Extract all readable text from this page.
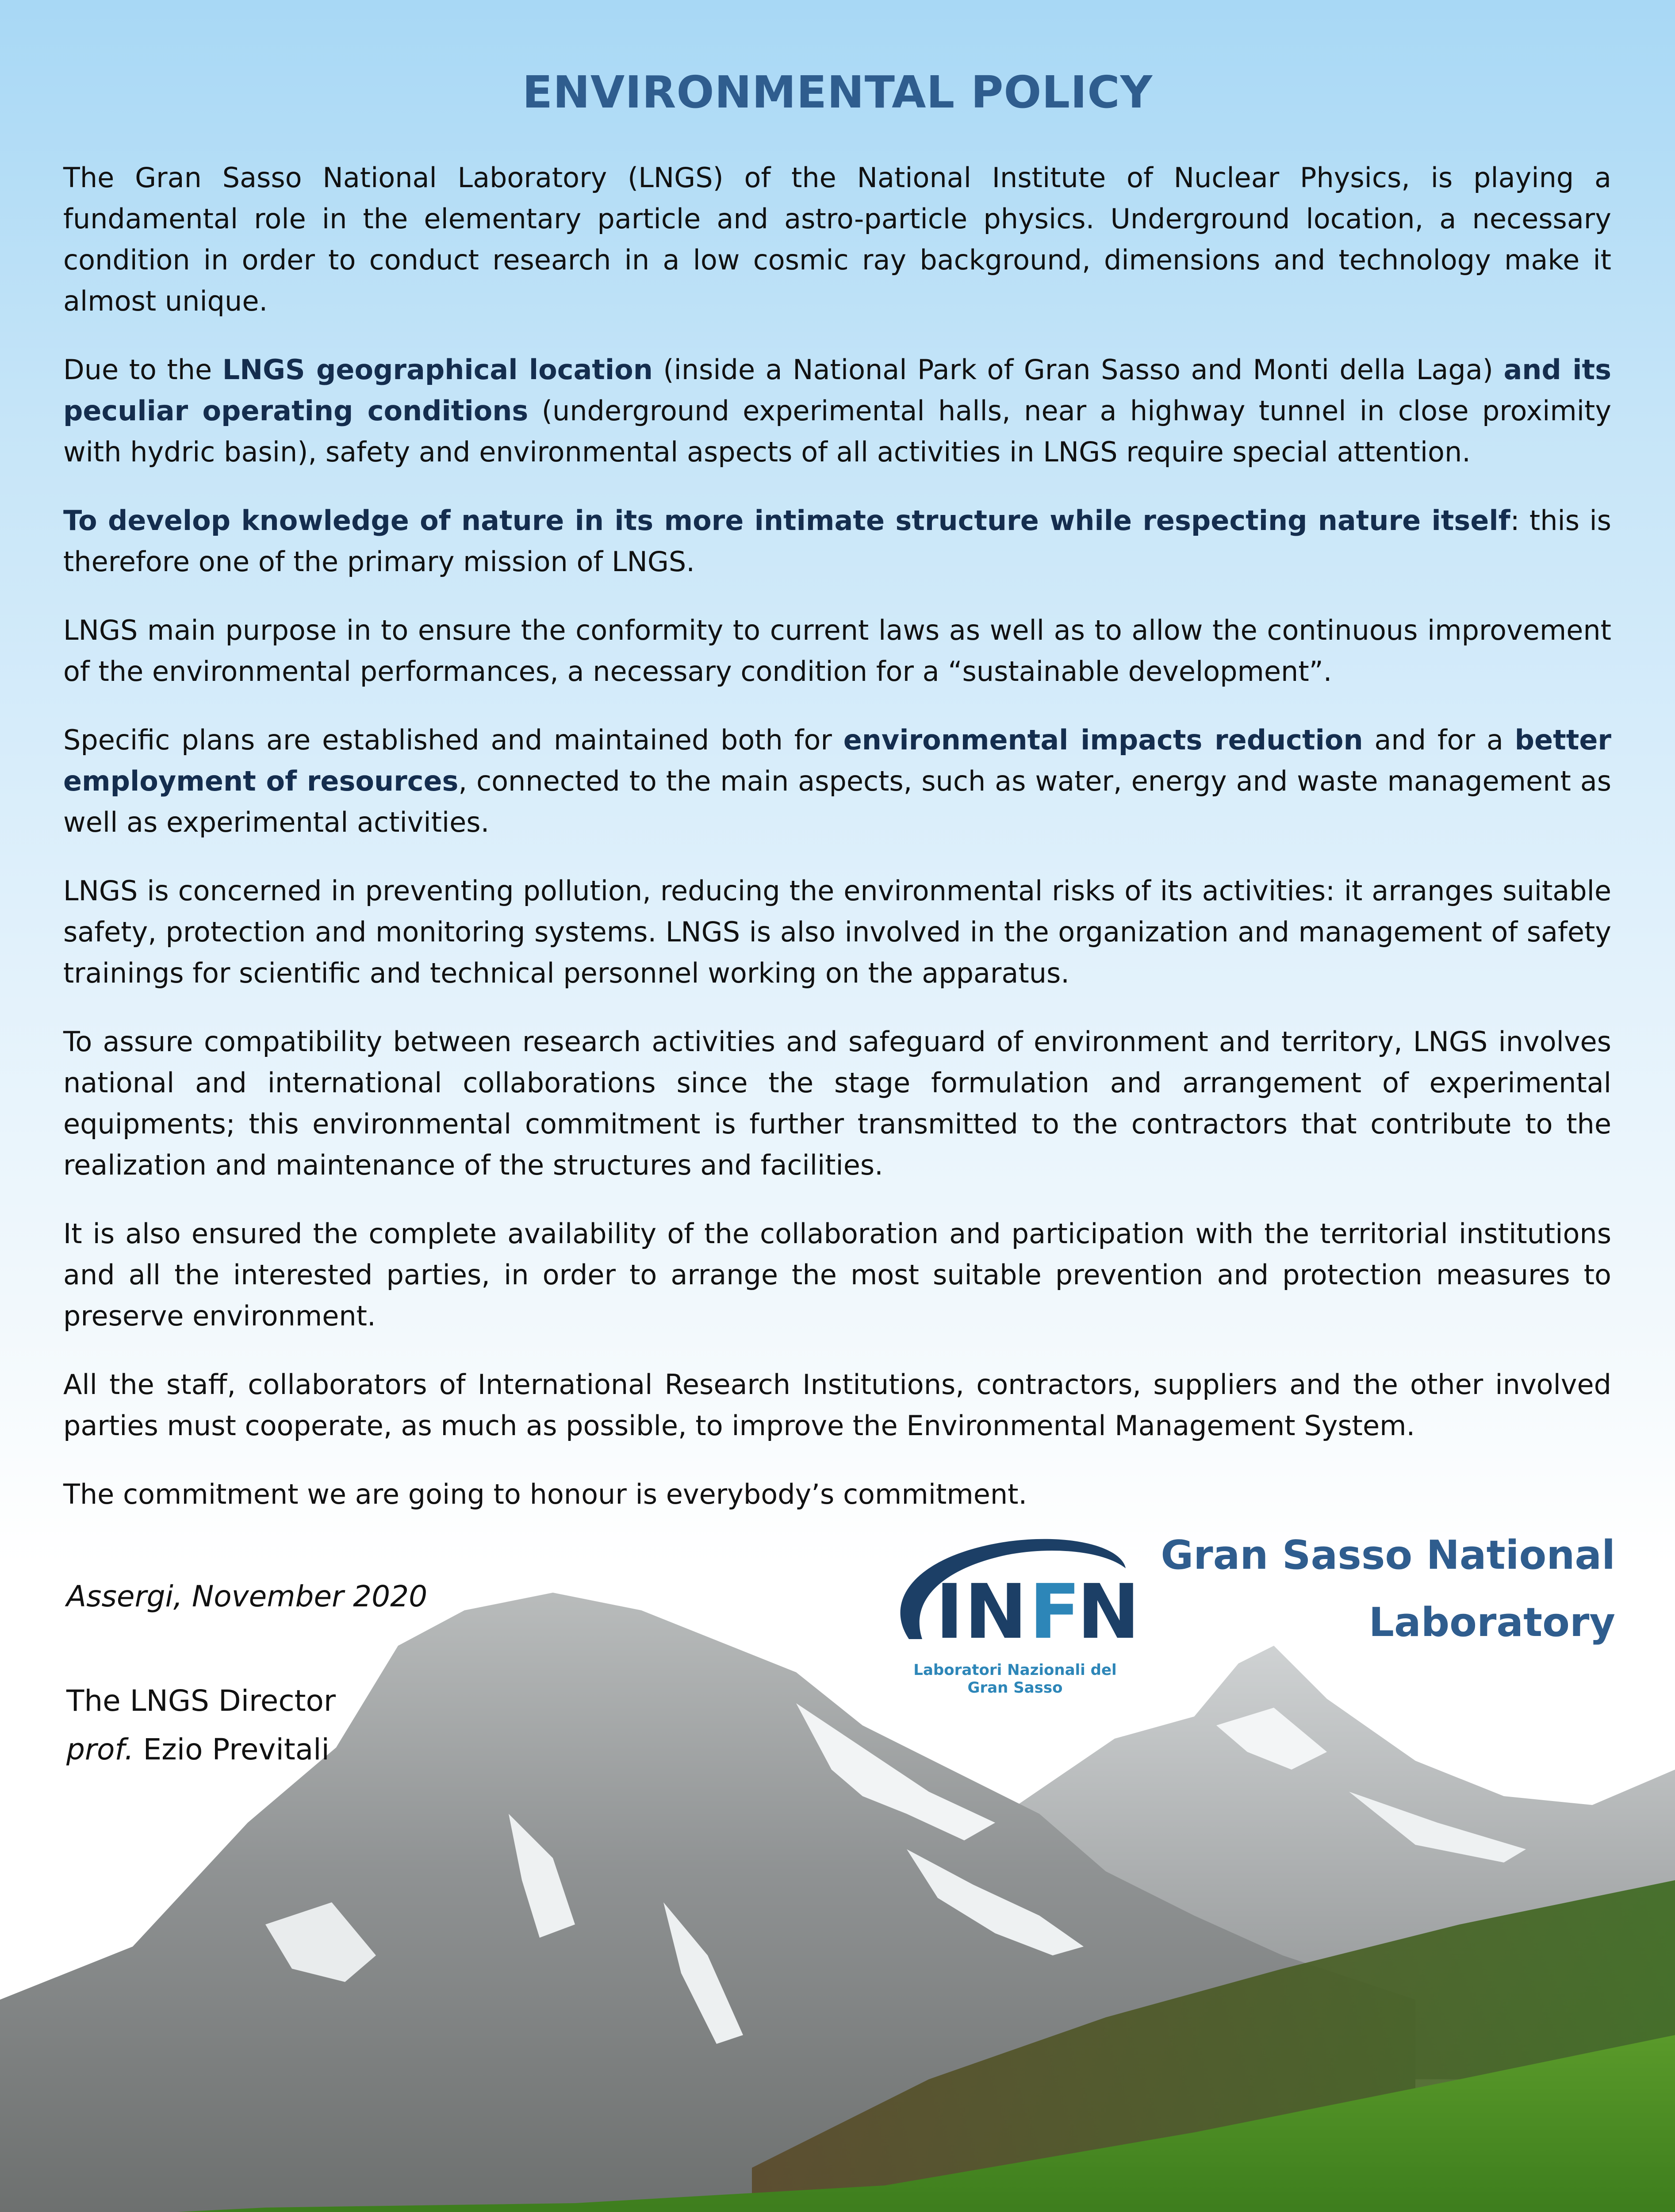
ENVIRONMENTAL POLICY

The Gran Sasso National Laboratory (LNGS) of the National Institute of Nuclear Physics, is playing a fundamental role in the elementary particle and astro-particle physics. Underground location, a necessary condition in order to conduct research in a low cosmic ray background, dimensions and technology make it almost unique.

Due to the LNGS geographical location (inside a National Park of Gran Sasso and Monti della Laga) and its peculiar operating conditions (underground experimental halls, near a highway tunnel in close proximity with hydric basin), safety and environmental aspects of all activities in LNGS require special attention.

To develop knowledge of nature in its more intimate structure while respecting nature itself: this is therefore one of the primary mission of LNGS.

LNGS main purpose in to ensure the conformity to current laws as well as to allow the continuous improvement of the environmental performances, a necessary condition for a “sustainable development”.

Specific plans are established and maintained both for environmental impacts reduction and for a better employment of resources, connected to the main aspects, such as water, energy and waste management as well as experimental activities.

LNGS is concerned in preventing pollution, reducing the environmental risks of its activities: it arranges suitable safety, protection and monitoring systems. LNGS is also involved in the organization and management of safety trainings for scientific and technical personnel working on the apparatus.

To assure compatibility between research activities and safeguard of environment and territory, LNGS involves national and international collaborations since the stage formulation and arrangement of experimental equipments; this environmental commitment is further transmitted to the contractors that contribute to the realization and maintenance of the structures and facilities.

It is also ensured the complete availability of the collaboration and participation with the territorial institutions and all the interested parties, in order to arrange the most suitable prevention and protection measures to preserve environment.

All the staff, collaborators of International Research Institutions, contractors, suppliers and the other involved parties must cooperate, as much as possible, to improve the Environmental Management System.

The commitment we are going to honour is everybody’s commitment.

Assergi, November 2020
The LNGS Director
prof. Ezio Previtali
IN F
N
Laboratori Nazionali del Gran Sasso
Gran Sasso National
Laboratory
